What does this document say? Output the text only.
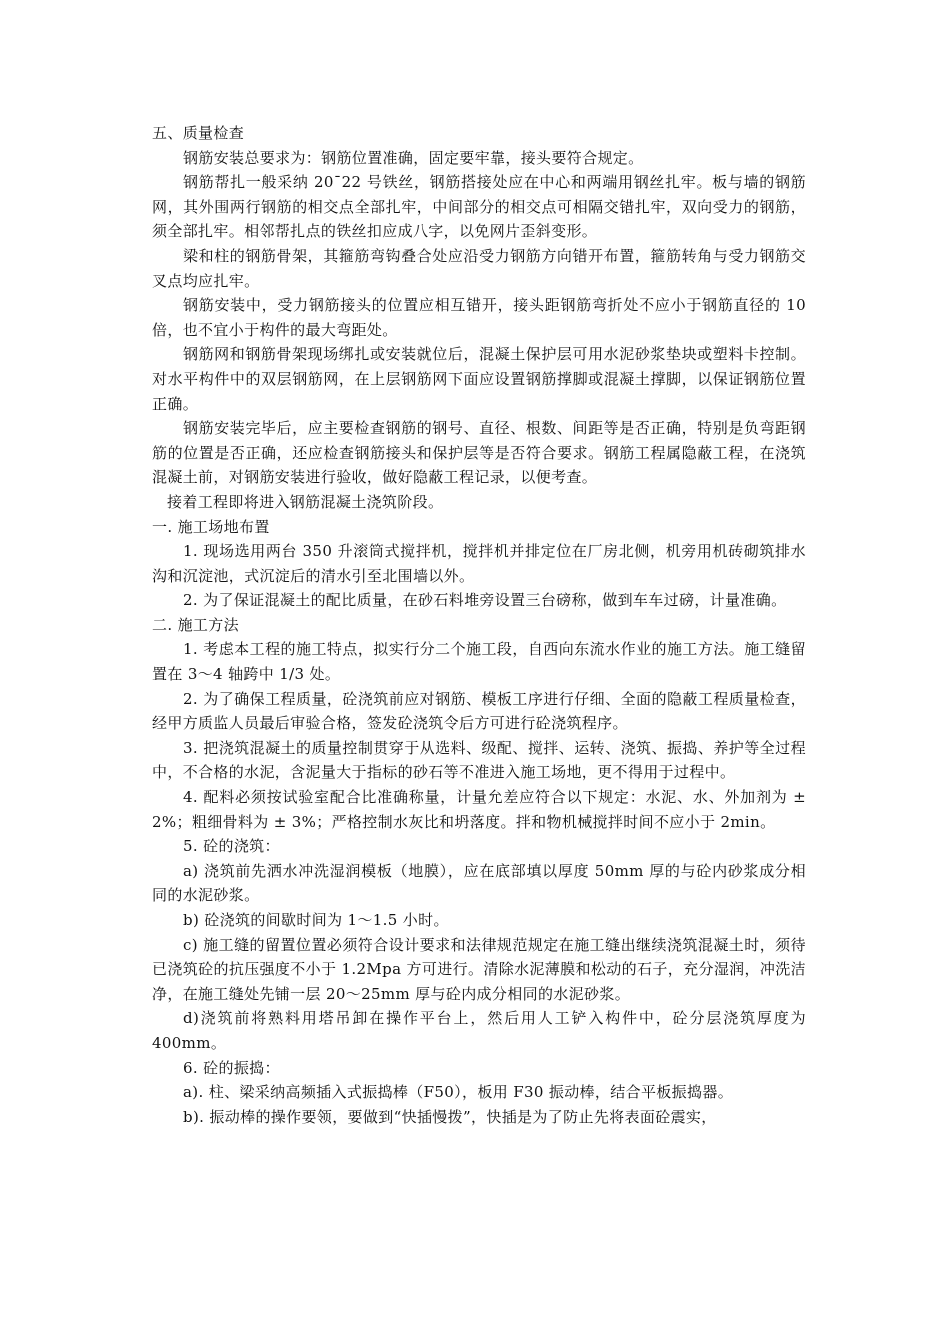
五、质量检查

钢筋安装总要求为：钢筋位置准确，固定要牢靠，接头要符合规定。

钢筋帮扎一般采纳 20¯22 号铁丝，钢筋搭接处应在中心和两端用钢丝扎牢。板与墙的钢筋网，其外围两行钢筋的相交点全部扎牢，中间部分的相交点可相隔交错扎牢，双向受力的钢筋，须全部扎牢。相邻帮扎点的铁丝扣应成八字，以免网片歪斜变形。

梁和柱的钢筋骨架，其箍筋弯钩叠合处应沿受力钢筋方向错开布置，箍筋转角与受力钢筋交叉点均应扎牢。

钢筋安装中，受力钢筋接头的位置应相互错开，接头距钢筋弯折处不应小于钢筋直径的 10 倍，也不宜小于构件的最大弯距处。

钢筋网和钢筋骨架现场绑扎或安装就位后，混凝土保护层可用水泥砂浆垫块或塑料卡控制。对水平构件中的双层钢筋网，在上层钢筋网下面应设置钢筋撑脚或混凝土撑脚，以保证钢筋位置正确。

钢筋安装完毕后，应主要检查钢筋的钢号、直径、根数、间距等是否正确，特别是负弯距钢筋的位置是否正确，还应检查钢筋接头和保护层等是否符合要求。钢筋工程属隐蔽工程，在浇筑混凝土前，对钢筋安装进行验收，做好隐蔽工程记录，以便考查。

接着工程即将进入钢筋混凝土浇筑阶段。

一. 施工场地布置

1. 现场选用两台 350 升滚筒式搅拌机，搅拌机并排定位在厂房北侧，机旁用机砖砌筑排水沟和沉淀池，式沉淀后的清水引至北围墙以外。

2. 为了保证混凝土的配比质量，在砂石料堆旁设置三台磅称，做到车车过磅，计量准确。

二. 施工方法

1. 考虑本工程的施工特点，拟实行分二个施工段，自西向东流水作业的施工方法。施工缝留置在 3～4 轴跨中 1/3 处。

2. 为了确保工程质量，砼浇筑前应对钢筋、模板工序进行仔细、全面的隐蔽工程质量检查，经甲方质监人员最后审验合格，签发砼浇筑令后方可进行砼浇筑程序。

3. 把浇筑混凝土的质量控制贯穿于从选料、级配、搅拌、运转、浇筑、振捣、养护等全过程中，不合格的水泥，含泥量大于指标的砂石等不准进入施工场地，更不得用于过程中。

4. 配料必须按试验室配合比准确称量，计量允差应符合以下规定：水泥、水、外加剂为 ± 2%；粗细骨料为 ± 3%；严格控制水灰比和坍落度。拌和物机械搅拌时间不应小于 2min。

5. 砼的浇筑：

a) 浇筑前先洒水冲洗湿润模板（地膜），应在底部填以厚度 50mm 厚的与砼内砂浆成分相同的水泥砂浆。

b) 砼浇筑的间歇时间为 1～1.5 小时。

c) 施工缝的留置位置必须符合设计要求和法律规范规定在施工缝出继续浇筑混凝土时，须待已浇筑砼的抗压强度不小于 1.2Mpa 方可进行。清除水泥薄膜和松动的石子，充分湿润，冲洗洁净，在施工缝处先铺一层 20～25mm 厚与砼内成分相同的水泥砂浆。

d)浇筑前将熟料用塔吊卸在操作平台上，然后用人工铲入构件中，砼分层浇筑厚度为 400mm。

6. 砼的振捣：

a). 柱、梁采纳高频插入式振捣棒（F50），板用 F30 振动棒，结合平板振捣器。

b). 振动棒的操作要领，要做到“快插慢拨”，快插是为了防止先将表面砼震实，
